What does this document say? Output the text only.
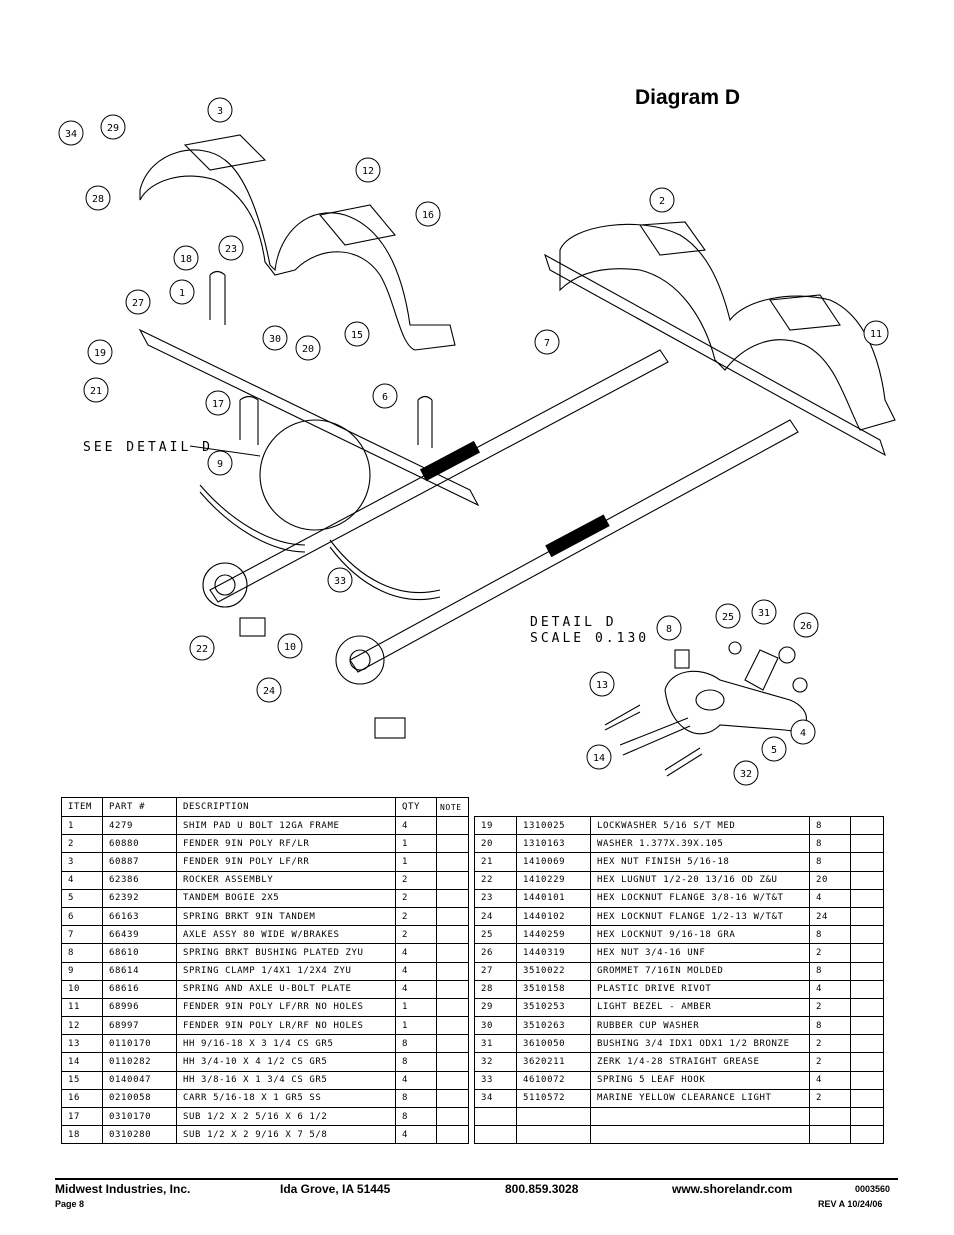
Diagram D
34
29
28
3
12
16
2
18
23
1
27
30
20
15	11
7
19
21
6
17
9
33
22	10
24
8
25 31
26
13
14
5
4
32
SEE DETAIL D
DETAIL D
SCALE 0.130
ITEM	PART #	DESCRIPTION	QTY	NOTE
1	4279	SHIM PAD U BOLT 12GA FRAME	4	
2	60880	FENDER 9IN POLY RF/LR	1	
3	60887	FENDER 9IN POLY LF/RR	1	
4	62386	ROCKER ASSEMBLY	2	
5	62392	TANDEM BOGIE 2X5	2	
6	66163	SPRING BRKT 9IN TANDEM	2	
7	66439	AXLE ASSY 80 WIDE W/BRAKES	2	
8	68610	SPRING BRKT BUSHING PLATED ZYU	4	
9	68614	SPRING CLAMP 1/4X1 1/2X4 ZYU	4	
10	68616	SPRING AND AXLE U-BOLT PLATE	4	
11	68996	FENDER 9IN POLY LF/RR NO HOLES	1	
12	68997	FENDER 9IN POLY LR/RF NO HOLES	1	
13	0110170	HH 9/16-18 X 3 1/4 CS GR5	8	
14	0110282	HH 3/4-10 X 4 1/2 CS GR5	8	
15	0140047	HH 3/8-16 X 1 3/4 CS GR5	4	
16	0210058	CARR 5/16-18 X 1 GR5 SS	8	
17	0310170	SUB 1/2 X 2 5/16 X 6 1/2	8	
18	0310280	SUB 1/2 X 2 9/16 X 7 5/8	4	
19	1310025	LOCKWASHER 5/16 S/T MED	8	
20	1310163	WASHER 1.377X.39X.105	8	
21	1410069	HEX NUT FINISH 5/16-18	8	
22	1410229	HEX LUGNUT 1/2-20 13/16 OD Z&U	20	
23	1440101	HEX LOCKNUT FLANGE 3/8-16 W/T&T	4	
24	1440102	HEX LOCKNUT FLANGE 1/2-13 W/T&T	24	
25	1440259	HEX LOCKNUT 9/16-18 GRA	8	
26	1440319	HEX NUT 3/4-16 UNF	2	
27	3510022	GROMMET 7/16IN MOLDED	8	
28	3510158	PLASTIC DRIVE RIVOT	4	
29	3510253	LIGHT BEZEL - AMBER	2	
30	3510263	RUBBER CUP WASHER	8	
31	3610050	BUSHING 3/4 IDX1 ODX1 1/2 BRONZE	2	
32	3620211	ZERK 1/4-28 STRAIGHT GREASE	2	
33	4610072	SPRING 5 LEAF HOOK	4	
34	5110572	MARINE YELLOW CLEARANCE LIGHT	2	

Midwest Industries, Inc.	Ida Grove, IA 51445	800.859.3028	www.shorelandr.com	0003560
Page 8	REV A 10/24/06
